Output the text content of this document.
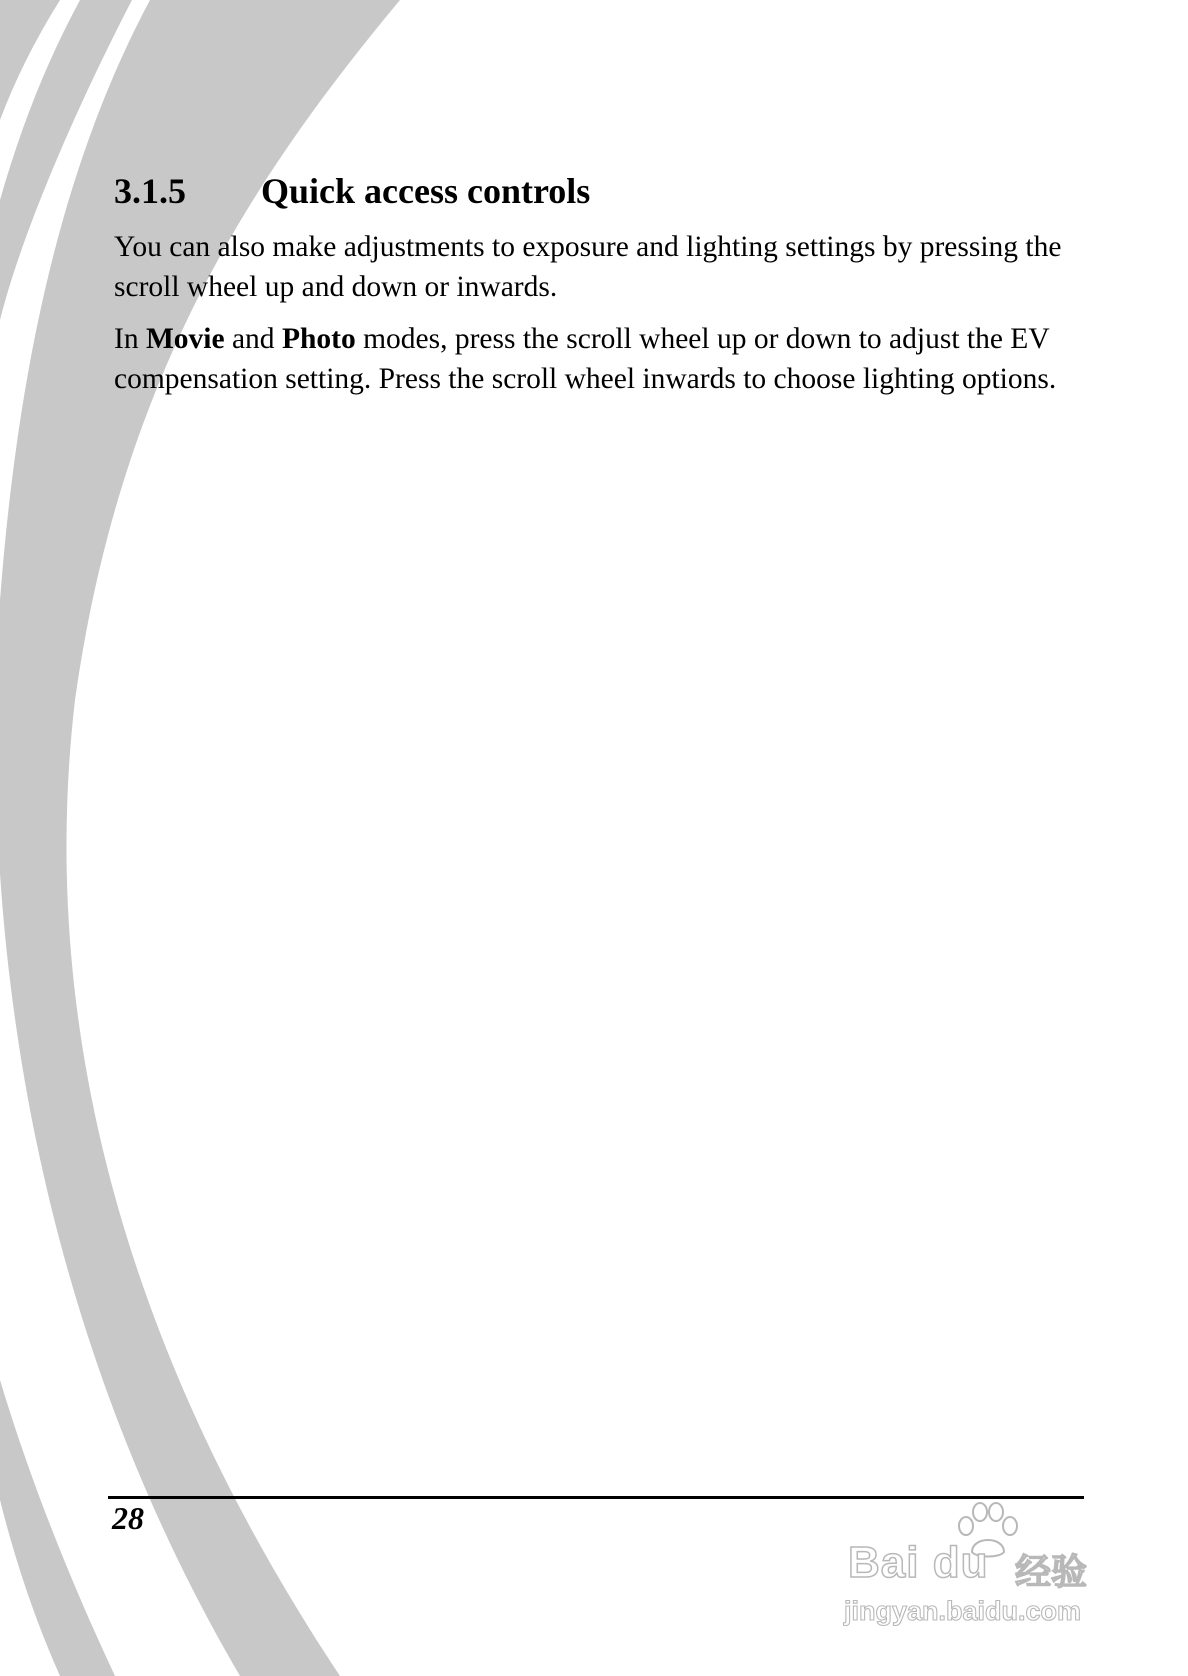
3.1.5	Quick access controls

You can also make adjustments to exposure and lighting settings by pressing the scroll wheel up and down or inwards.

In Movie and Photo modes, press the scroll wheel up or down to adjust the EV compensation setting. Press the scroll wheel inwards to choose lighting options.

28
Bai du 经验
jingyan.baidu.com
